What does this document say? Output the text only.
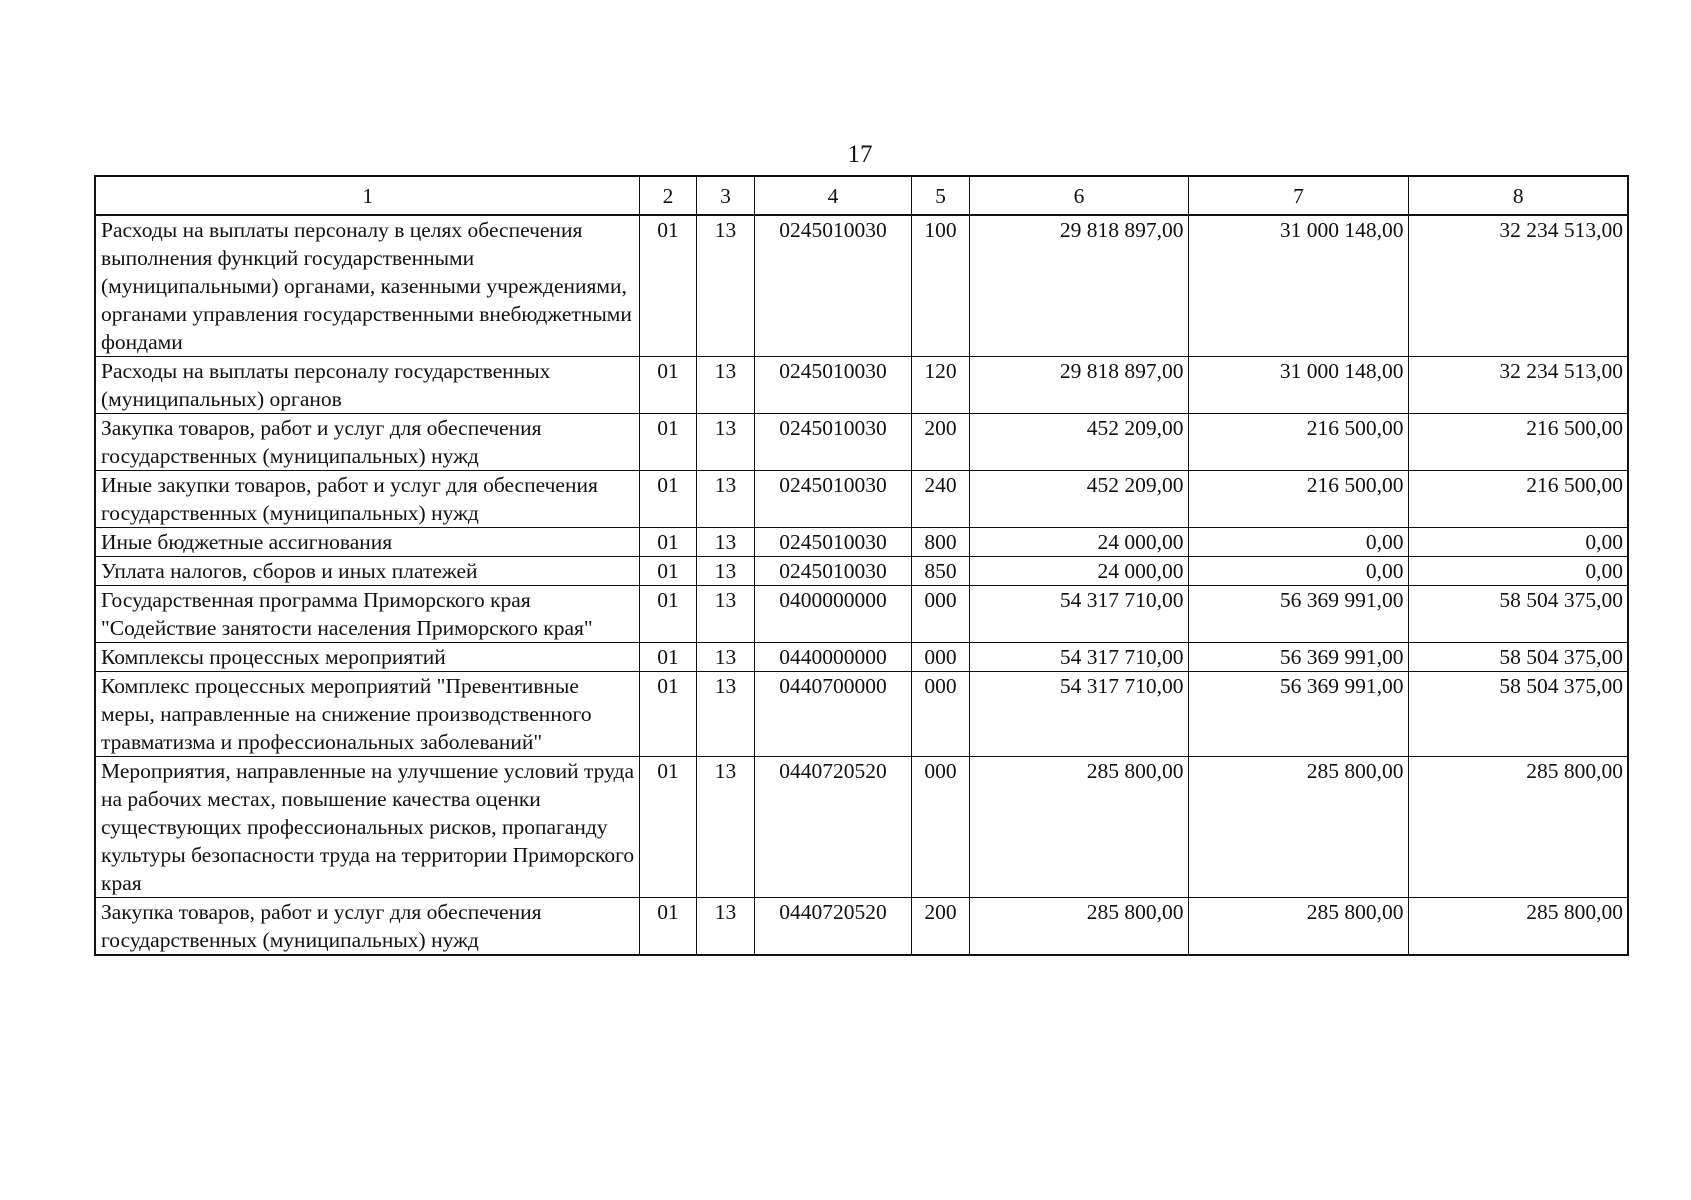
17
1	2	3	4	5	6	7	8
Расходы на выплаты персоналу в целях обеспечения выполнения функций государственными (муниципальными) органами, казенными учреждениями, органами управления государственными внебюджетными фондами	01	13	0245010030	100	29 818 897,00	31 000 148,00	32 234 513,00
Расходы на выплаты персоналу государственных (муниципальных) органов	01	13	0245010030	120	29 818 897,00	31 000 148,00	32 234 513,00
Закупка товаров, работ и услуг для обеспечения государственных (муниципальных) нужд	01	13	0245010030	200	452 209,00	216 500,00	216 500,00
Иные закупки товаров, работ и услуг для обеспечения государственных (муниципальных) нужд	01	13	0245010030	240	452 209,00	216 500,00	216 500,00
Иные бюджетные ассигнования	01	13	0245010030	800	24 000,00	0,00	0,00
Уплата налогов, сборов и иных платежей	01	13	0245010030	850	24 000,00	0,00	0,00
Государственная программа Приморского края "Содействие занятости населения Приморского края"	01	13	0400000000	000	54 317 710,00	56 369 991,00	58 504 375,00
Комплексы процессных мероприятий	01	13	0440000000	000	54 317 710,00	56 369 991,00	58 504 375,00
Комплекс процессных мероприятий "Превентивные меры, направленные на снижение производственного травматизма и профессиональных заболеваний"	01	13	0440700000	000	54 317 710,00	56 369 991,00	58 504 375,00
Мероприятия, направленные на улучшение условий труда на рабочих местах, повышение качества оценки существующих профессиональных рисков, пропаганду культуры безопасности труда на территории Приморского края	01	13	0440720520	000	285 800,00	285 800,00	285 800,00
Закупка товаров, работ и услуг для обеспечения государственных (муниципальных) нужд	01	13	0440720520	200	285 800,00	285 800,00	285 800,00
